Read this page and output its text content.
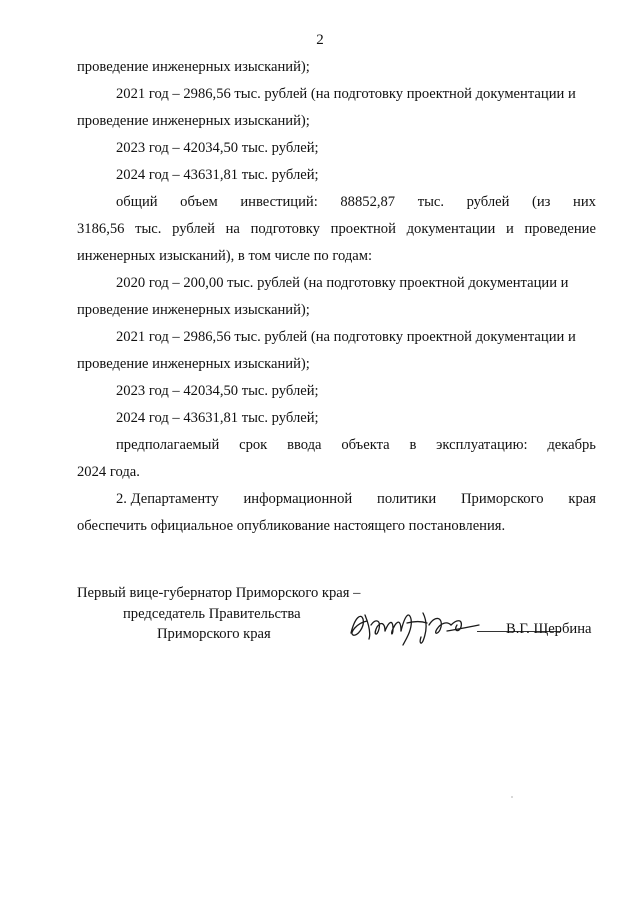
2
проведение инженерных изысканий);
2021 год – 2986,56 тыс. рублей (на подготовку проектной документации и
проведение инженерных изысканий);
2023 год – 42034,50 тыс. рублей;
2024 год – 43631,81 тыс. рублей;
общий объем инвестиций: 88852,87 тыс. рублей (из них
3186,56 тыс. рублей на подготовку проектной документации и проведение
инженерных изысканий), в том числе по годам:
2020 год – 200,00 тыс. рублей (на подготовку проектной документации и
проведение инженерных изысканий);
2021 год – 2986,56 тыс. рублей (на подготовку проектной документации и
проведение инженерных изысканий);
2023 год – 42034,50 тыс. рублей;
2024 год – 43631,81 тыс. рублей;
предполагаемый срок ввода объекта в эксплуатацию: декабрь
2024 года.
2. Департаменту информационной политики Приморского края
обеспечить официальное опубликование настоящего постановления.
Первый вице-губернатор Приморского края –
председатель Правительства
Приморского края	В.Г. Щербина
